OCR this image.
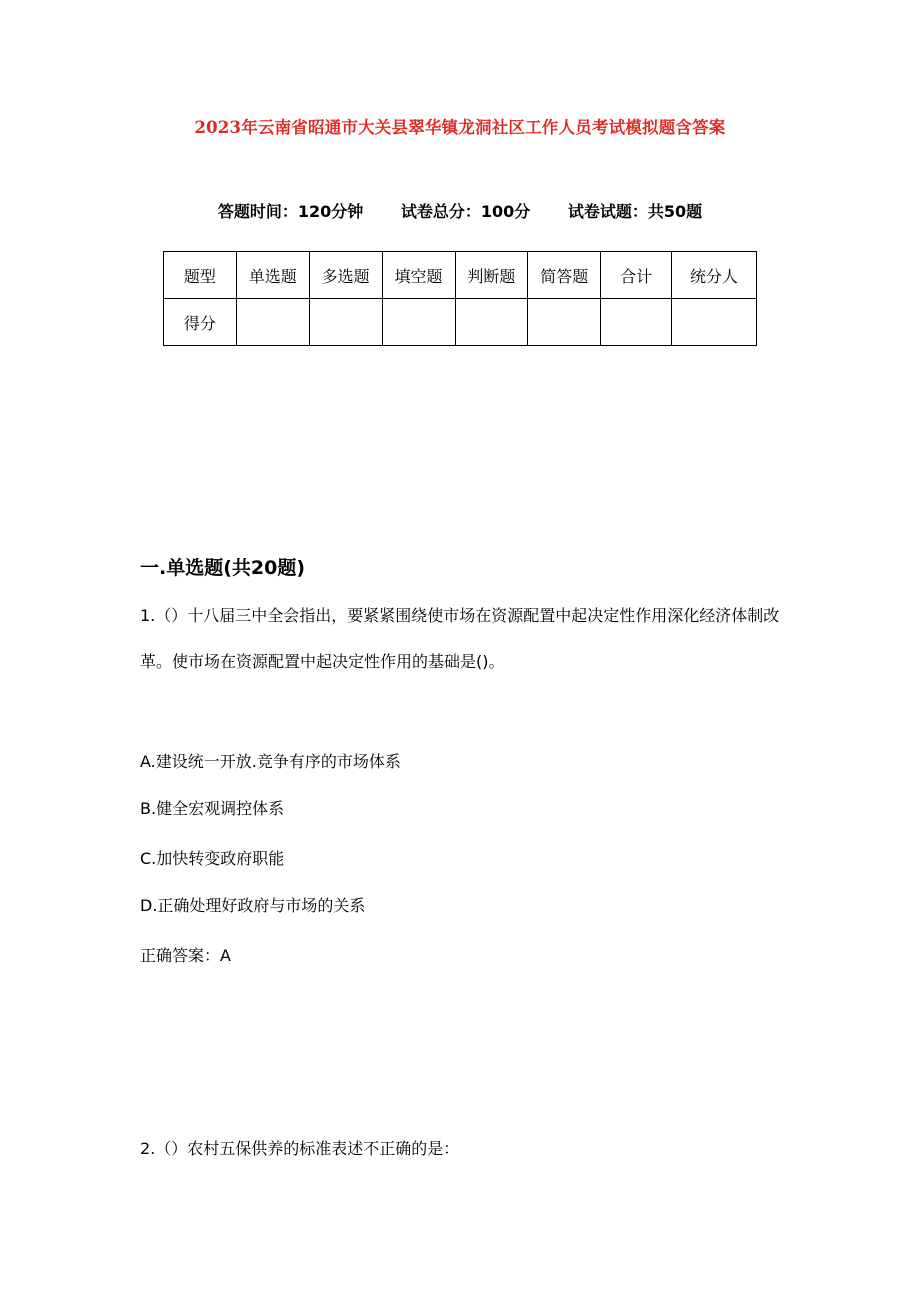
2023年云南省昭通市大关县翠华镇龙洞社区工作人员考试模拟题含答案
答题时间：120分钟 试卷总分：100分 试卷试题：共50题
题型	单选题	多选题	填空题	判断题	简答题	合计	统分人
得分							
一.单选题(共20题)
1.（）十八届三中全会指出，要紧紧围绕使市场在资源配置中起决定性作用深化经济体制改革。使市场在资源配置中起决定性作用的基础是()。
A.建设统一开放.竞争有序的市场体系
B.健全宏观调控体系
C.加快转变政府职能
D.正确处理好政府与市场的关系
正确答案：A
2.（）农村五保供养的标准表述不正确的是：
